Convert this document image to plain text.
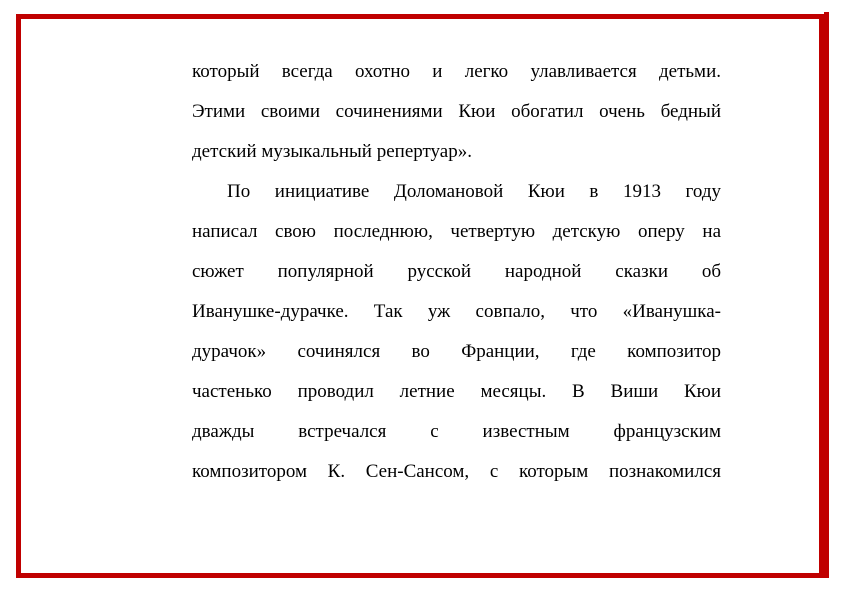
который всегда охотно и легко улавливается детьми.
Этими своими сочинениями Кюи обогатил очень бедный
детский музыкальный репертуар».
По инициативе Доломановой Кюи в 1913 году
написал свою последнюю, четвертую детскую оперу на
сюжет популярной русской народной сказки об
Иванушке-дурачке. Так уж совпало, что «Иванушка-
дурачок» сочинялся во Франции, где композитор
частенько проводил летние месяцы. В Виши Кюи
дважды встречался с известным французским
композитором К. Сен-Сансом, с которым познакомился
